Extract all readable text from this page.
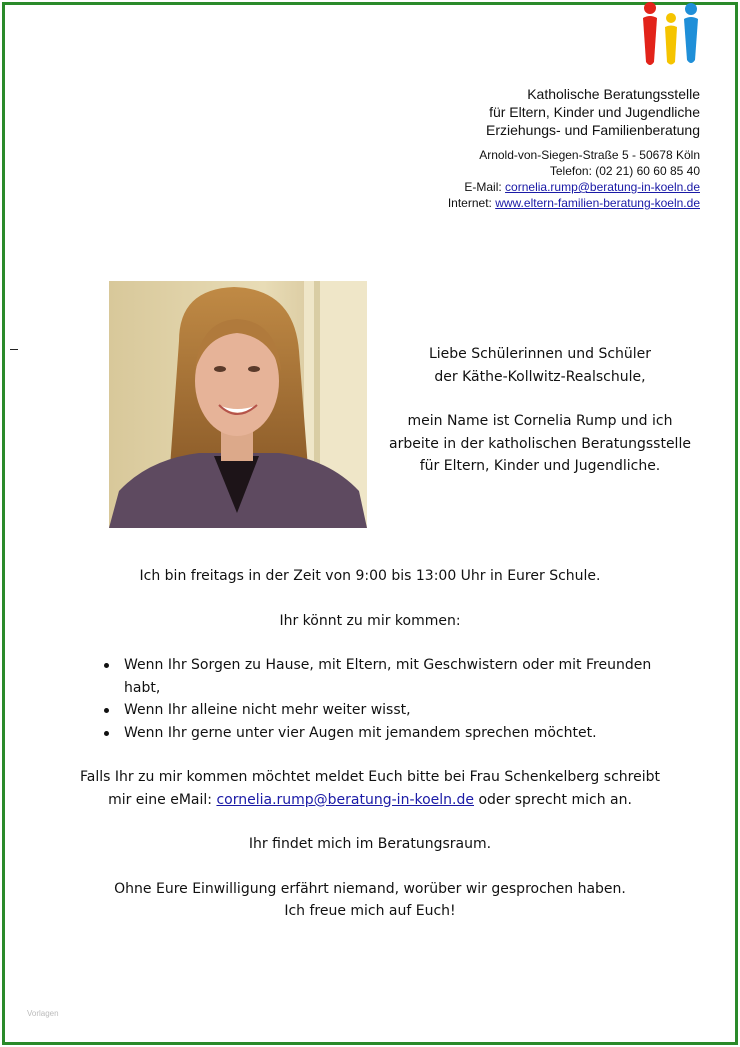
Katholische Beratungsstelle
für Eltern, Kinder und Jugendliche
Erziehungs- und Familienberatung
Arnold-von-Siegen-Straße 5 - 50678 Köln
Telefon: (02 21) 60 60 85 40
E-Mail: cornelia.rump@beratung-in-koeln.de
Internet: www.eltern-familien-beratung-koeln.de
Liebe Schülerinnen und Schüler
der Käthe-Kollwitz-Realschule,
mein Name ist Cornelia Rump und ich
arbeite in der katholischen Beratungsstelle
für Eltern, Kinder und Jugendliche.

Ich bin freitags in der Zeit von 9:00 bis 13:00 Uhr in Eurer Schule.

Ihr könnt zu mir kommen:

Wenn Ihr Sorgen zu Hause, mit Eltern, mit Geschwistern oder mit Freunden habt,
Wenn Ihr alleine nicht mehr weiter wisst,
Wenn Ihr gerne unter vier Augen mit jemandem sprechen möchtet.

Falls Ihr zu mir kommen möchtet meldet Euch bitte bei Frau Schenkelberg schreibt
mir eine eMail: cornelia.rump@beratung-in-koeln.de oder sprecht mich an.

Ihr findet mich im Beratungsraum.

Ohne Eure Einwilligung erfährt niemand, worüber wir gesprochen haben.

Ich freue mich auf Euch!

Vorlagen
